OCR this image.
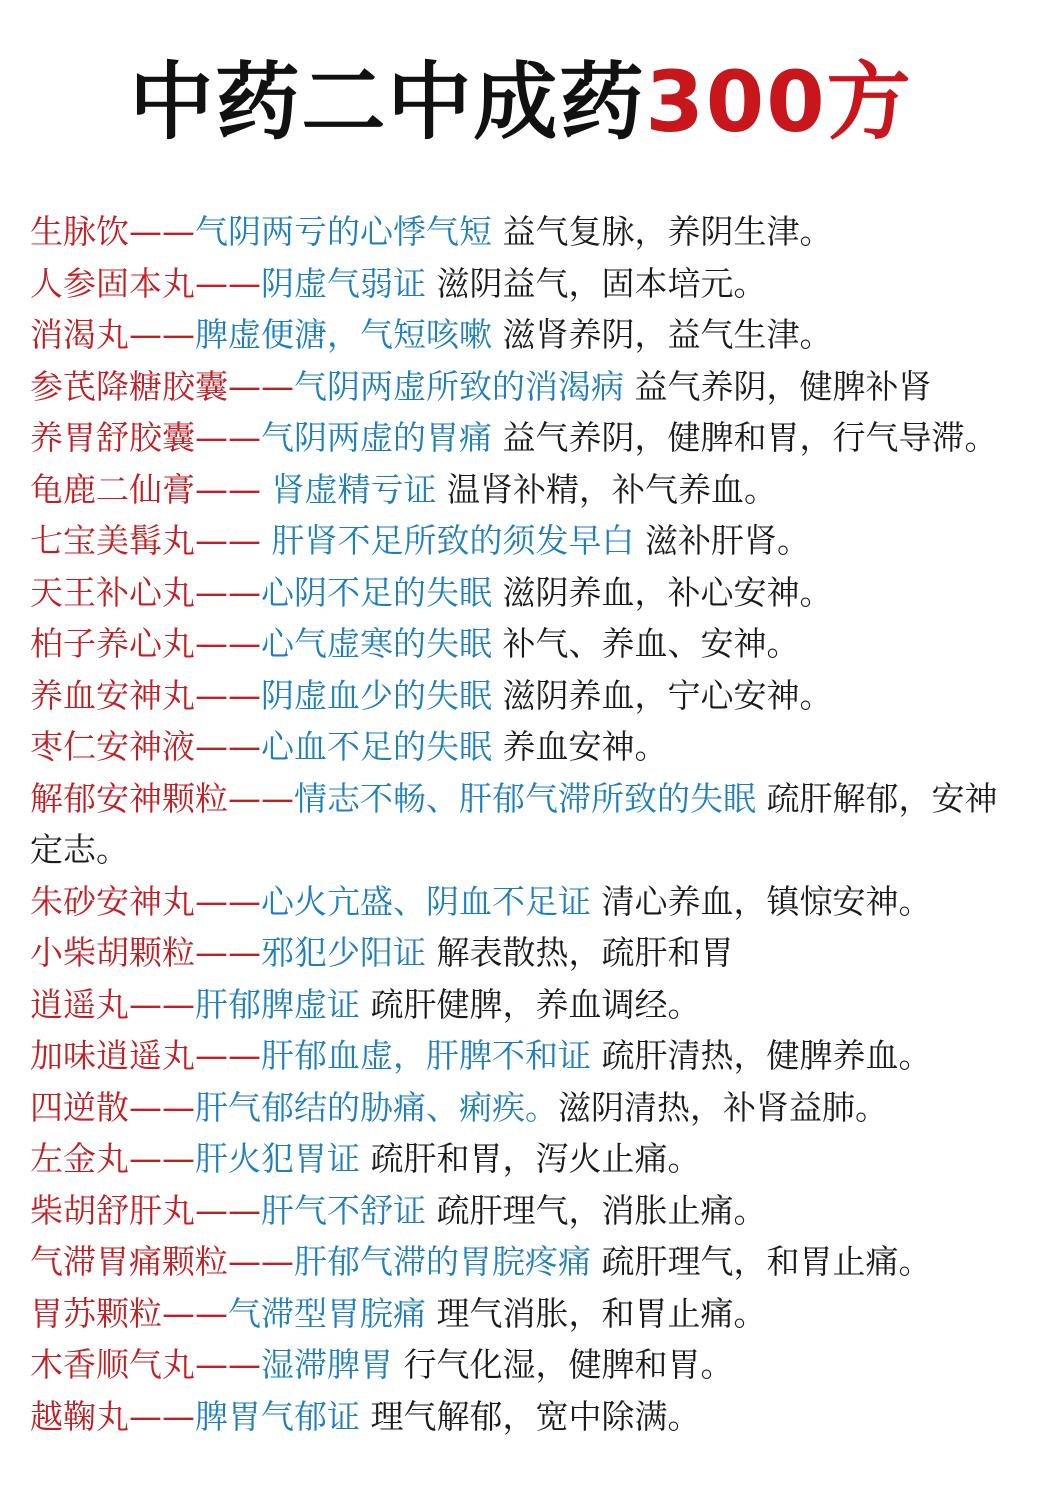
中药二中成药300方
生脉饮——气阴两亏的心悸气短 益气复脉，养阴生津。
人参固本丸——阴虚气弱证 滋阴益气，固本培元。
消渴丸——脾虚便溏，气短咳嗽 滋肾养阴，益气生津。
参芪降糖胶囊——气阴两虚所致的消渴病 益气养阴，健脾补肾
养胃舒胶囊——气阴两虚的胃痛 益气养阴，健脾和胃，行气导滞。
龟鹿二仙膏—— 肾虚精亏证 温肾补精，补气养血。
七宝美髯丸—— 肝肾不足所致的须发早白 滋补肝肾。
天王补心丸——心阴不足的失眠 滋阴养血，补心安神。
柏子养心丸——心气虚寒的失眠 补气、养血、安神。
养血安神丸——阴虚血少的失眠 滋阴养血，宁心安神。
枣仁安神液——心血不足的失眠 养血安神。
解郁安神颗粒——情志不畅、肝郁气滞所致的失眠 疏肝解郁，安神定志。
朱砂安神丸——心火亢盛、阴血不足证 清心养血，镇惊安神。
小柴胡颗粒——邪犯少阳证 解表散热，疏肝和胃
逍遥丸——肝郁脾虚证 疏肝健脾，养血调经。
加味逍遥丸——肝郁血虚，肝脾不和证 疏肝清热，健脾养血。
四逆散——肝气郁结的胁痛、痢疾。滋阴清热，补肾益肺。
左金丸——肝火犯胃证 疏肝和胃，泻火止痛。
柴胡舒肝丸——肝气不舒证 疏肝理气，消胀止痛。
气滞胃痛颗粒——肝郁气滞的胃脘疼痛 疏肝理气，和胃止痛。
胃苏颗粒——气滞型胃脘痛 理气消胀，和胃止痛。
木香顺气丸——湿滞脾胃 行气化湿，健脾和胃。
越鞠丸——脾胃气郁证 理气解郁，宽中除满。
